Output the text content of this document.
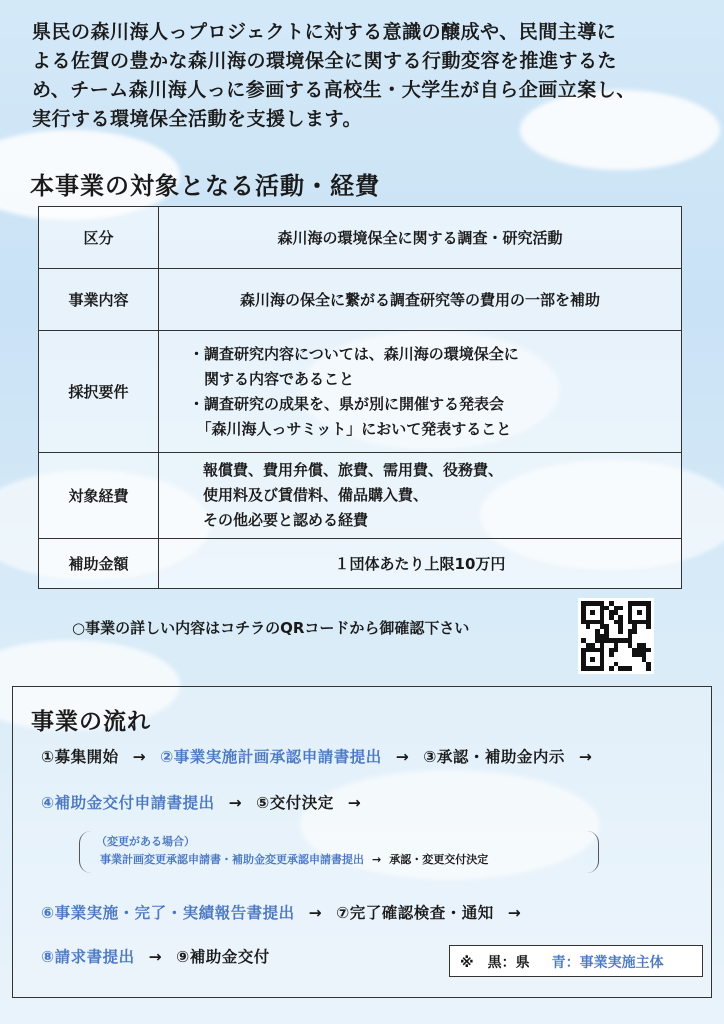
県民の森川海人っプロジェクトに対する意識の醸成や、民間主導に
よる佐賀の豊かな森川海の環境保全に関する行動変容を推進するた
め、チーム森川海人っに参画する高校生・大学生が自ら企画立案し、
実行する環境保全活動を支援します。
本事業の対象となる活動・経費
区分	森川海の環境保全に関する調査・研究活動

事業内容	森川海の保全に繋がる調査研究等の費用の一部を補助

採択要件	・調査研究内容については、森川海の環境保全に
　関する内容であること
・調査研究の成果を、県が別に開催する発表会
　「森川海人っサミット」において発表すること

対象経費	報償費、費用弁償、旅費、需用費、役務費、
使用料及び賃借料、備品購入費、
その他必要と認める経費

補助金額	１団体あたり上限10万円
○事業の詳しい内容はコチラのQRコードから御確認下さい
事業の流れ
①募集開始 → ②事業実施計画承認申請書提出 → ③承認・補助金内示 →
④補助金交付申請書提出 → ⑤交付決定 →
（変更がある場合）
事業計画変更承認申請書・補助金変更承認申請書提出 → 承認・変更交付決定
⑥事業実施・完了・実績報告書提出 → ⑦完了確認検査・通知 →
⑧請求書提出 → ⑨補助金交付	※　黒：県 青：事業実施主体
